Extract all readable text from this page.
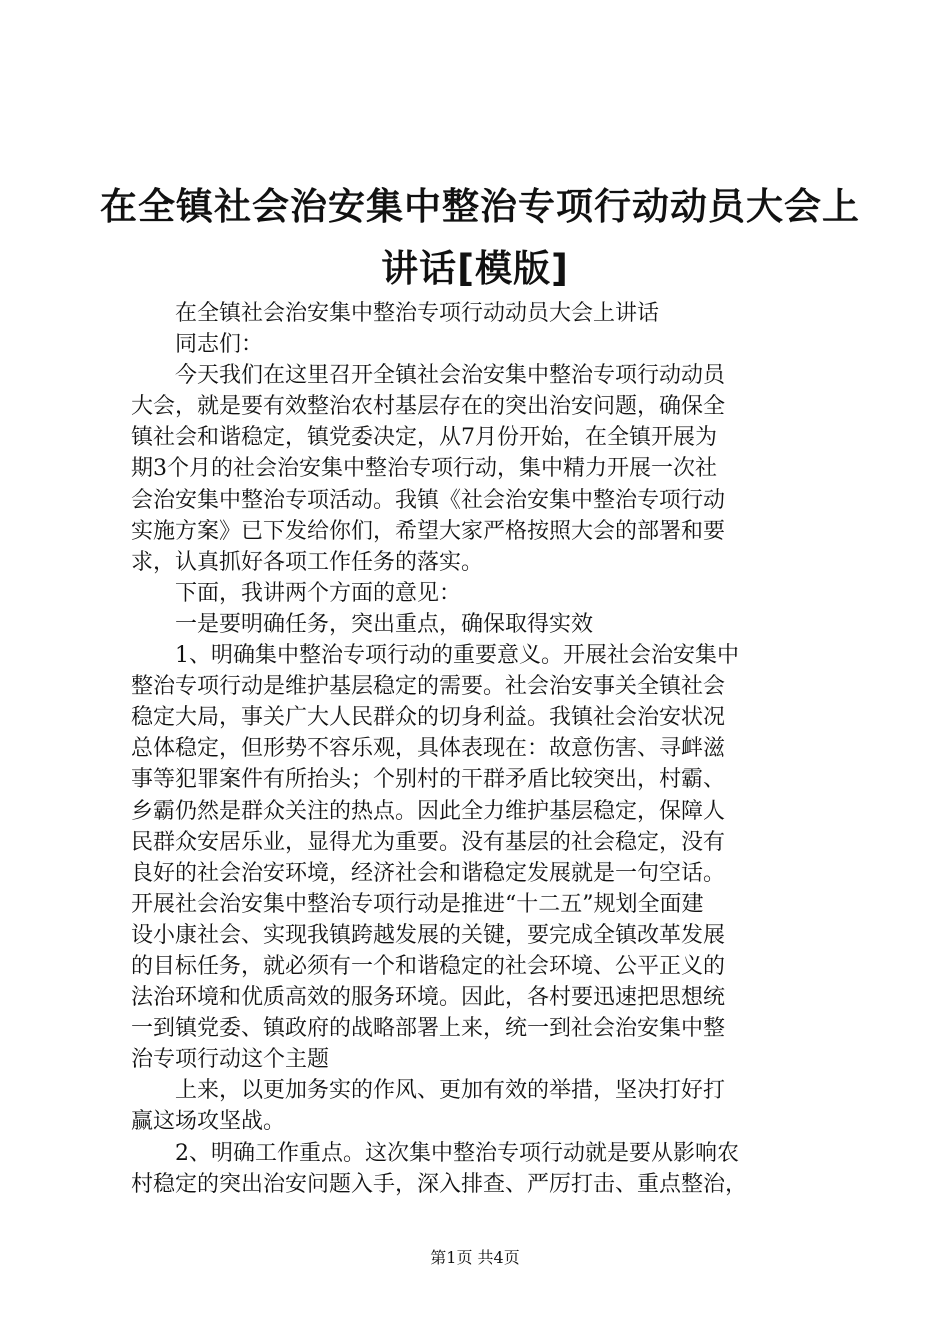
在全镇社会治安集中整治专项行动动员大会上
讲话[模版]
　　在全镇社会治安集中整治专项行动动员大会上讲话
　　同志们：
　　今天我们在这里召开全镇社会治安集中整治专项行动动员
大会，就是要有效整治农村基层存在的突出治安问题，确保全
镇社会和谐稳定，镇党委决定，从7月份开始，在全镇开展为
期3个月的社会治安集中整治专项行动，集中精力开展一次社
会治安集中整治专项活动。我镇《社会治安集中整治专项行动
实施方案》已下发给你们，希望大家严格按照大会的部署和要
求，认真抓好各项工作任务的落实。
　　下面，我讲两个方面的意见：
　　一是要明确任务，突出重点，确保取得实效
　　1、明确集中整治专项行动的重要意义。开展社会治安集中
整治专项行动是维护基层稳定的需要。社会治安事关全镇社会
稳定大局，事关广大人民群众的切身利益。我镇社会治安状况
总体稳定，但形势不容乐观，具体表现在：故意伤害、寻衅滋
事等犯罪案件有所抬头；个别村的干群矛盾比较突出，村霸、
乡霸仍然是群众关注的热点。因此全力维护基层稳定，保障人
民群众安居乐业，显得尤为重要。没有基层的社会稳定，没有
良好的社会治安环境，经济社会和谐稳定发展就是一句空话。
开展社会治安集中整治专项行动是推进“十二五”规划全面建
设小康社会、实现我镇跨越发展的关键，要完成全镇改革发展
的目标任务，就必须有一个和谐稳定的社会环境、公平正义的
法治环境和优质高效的服务环境。因此，各村要迅速把思想统
一到镇党委、镇政府的战略部署上来，统一到社会治安集中整
治专项行动这个主题
　　上来，以更加务实的作风、更加有效的举措，坚决打好打
赢这场攻坚战。
　　2、明确工作重点。这次集中整治专项行动就是要从影响农
村稳定的突出治安问题入手，深入排查、严厉打击、重点整治，
第1页 共4页
